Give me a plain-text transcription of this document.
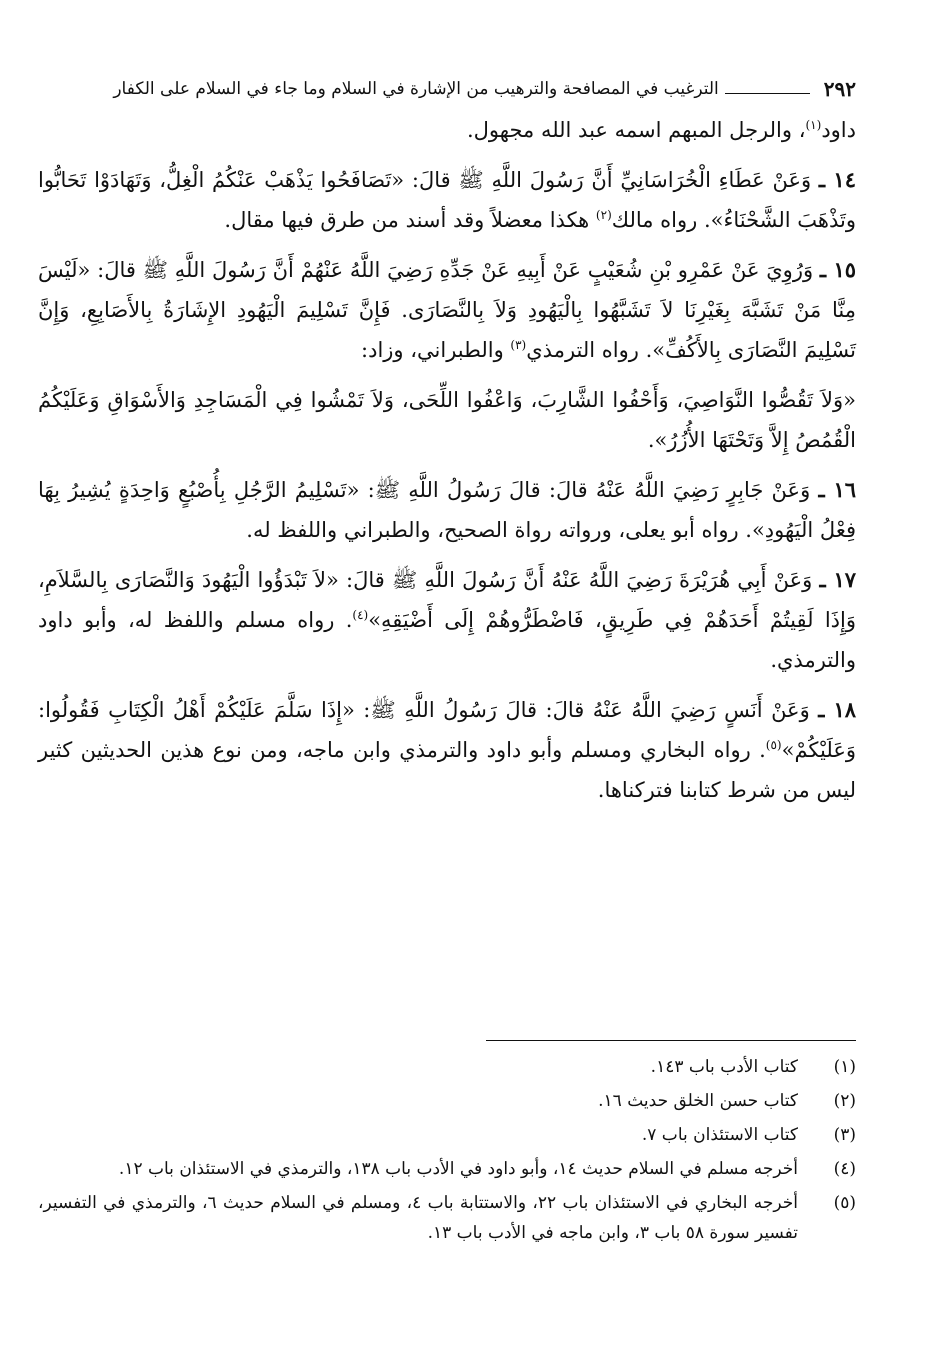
٢٩٢
الترغيب في المصافحة والترهيب من الإشارة في السلام وما جاء في السلام على الكفار

داود$^{(١)}$، والرجل المبهم اسمه عبد الله مجهول.

١٤ ـ وَعَنْ عَطَاءِ الْخُرَاسَانِيِّ أَنَّ رَسُولَ اللَّهِ ﷺ قالَ: «تَصَافَحُوا يَذْهَبْ عَنْكُمُ الْغِلُّ، وَتَهَادَوْا تَحَابُّوا وتَذْهَبَ الشَّحْنَاءُ». رواه مالك$^{(٢)}$ هكذا معضلاً وقد أسند من طرق فيها مقال.

١٥ ـ وَرُوِيَ عَنْ عَمْرِو بْنِ شُعَيْبٍ عَنْ أَبِيهِ عَنْ جَدِّهِ رَضِيَ اللَّهُ عَنْهُمْ أَنَّ رَسُولَ اللَّهِ ﷺ قالَ: «لَيْسَ مِنَّا مَنْ تَشَبَّهَ بِغَيْرِنَا لاَ تَشَبَّهُوا بِالْيَهُودِ وَلاَ بِالنَّصَارَى. فَإِنَّ تَسْلِيمَ الْيَهُودِ الإِشَارَةُ بِالأَصَابِعِ، وَإِنَّ تَسْلِيمَ النَّصَارَى بِالأَكُفِّ». رواه الترمذي$^{(٣)}$ والطبراني، وزاد:

«وَلاَ تَقُصُّوا النَّوَاصِيَ، وَأَحْفُوا الشَّارِبَ، وَاعْفُوا اللِّحَى، وَلاَ تَمْشُوا فِي الْمَسَاجِدِ وَالأَسْوَاقِ وَعَلَيْكُمُ الْقُمُصُ إِلاَّ وَتَحْتَهَا الأُزُرُ».

١٦ ـ وَعَنْ جَابِرٍ رَضِيَ اللَّهُ عَنْهُ قالَ: قالَ رَسُولُ اللَّهِ ﷺ: «تَسْلِيمُ الرَّجُلِ بِأُصْبُعٍ وَاحِدَةٍ يُشِيرُ بِهَا فِعْلُ الْيَهُودِ». رواه أبو يعلى، ورواته رواة الصحيح، والطبراني واللفظ له.

١٧ ـ وَعَنْ أَبِي هُرَيْرَةَ رَضِيَ اللَّهُ عَنْهُ أَنَّ رَسُولَ اللَّهِ ﷺ قالَ: «لاَ تَبْدَؤُوا الْيَهُودَ وَالنَّصَارَى بِالسَّلاَمِ، وَإِذَا لَقِيتُمْ أَحَدَهُمْ فِي طَرِيقٍ، فَاضْطَرُّوهُمْ إِلَى أَضْيَقِهِ»$^{(٤)}$. رواه مسلم واللفظ له، وأبو داود والترمذي.

١٨ ـ وَعَنْ أَنَسٍ رَضِيَ اللَّهُ عَنْهُ قالَ: قالَ رَسُولُ اللَّهِ ﷺ: «إِذَا سَلَّمَ عَلَيْكُمْ أَهْلُ الْكِتَابِ فَقُولُوا: وَعَلَيْكُمْ»$^{(٥)}$. رواه البخاري ومسلم وأبو داود والترمذي وابن ماجه، ومن نوع هذين الحديثين كثير ليس من شرط كتابنا فتركناها.

(١)
كتاب الأدب باب ١٤٣.
(٢)
كتاب حسن الخلق حديث ١٦.
(٣)
كتاب الاستئذان باب ٧.
(٤)
أخرجه مسلم في السلام حديث ١٤، وأبو داود في الأدب باب ١٣٨، والترمذي في الاستئذان باب ١٢.
(٥)
أخرجه البخاري في الاستئذان باب ٢٢، والاستتابة باب ٤، ومسلم في السلام حديث ٦، والترمذي في التفسير، تفسير سورة ٥٨ باب ٣، وابن ماجه في الأدب باب ١٣.
